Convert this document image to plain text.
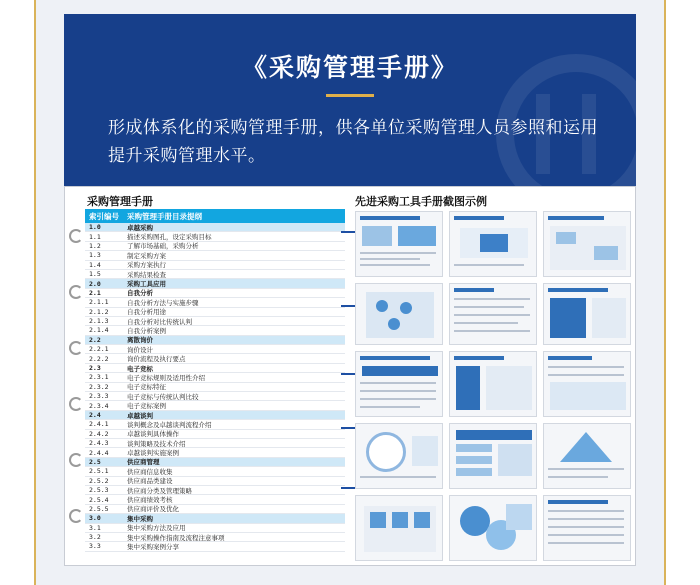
《采购管理手册》
形成体系化的采购管理手册，供各单位采购管理人员参照和运用提升采购管理水平。
采购管理手册	先进采购工具手册截图示例
索引编号	采购管理手册目录提纲
1.0	卓越采购
1.1	描述采购图孔，设定采购目标
1.2	了解市场基础，采购分析
1.3	制定采购方案
1.4	采购方案执行
1.5	采购结果检查
2.0	采购工具应用
2.1	自我分析
2.1.1	自我分析方法与实施步骤
2.1.2	自我分析用途
2.1.3	自我分析对比传统认判
2.1.4	自我分析案例
2.2	离散询价
2.2.1	询价设计
2.2.2	询价流程及执行要点
2.3	电子竞标
2.3.1	电子竞标规则及适用性介绍
2.3.2	电子竞标特征
2.3.3	电子竞标与传统认判比较
2.3.4	电子竞标案例
2.4	卓越谈判
2.4.1	谈判概念及卓越谈判流程介绍
2.4.2	卓越谈判具体操作
2.4.3	谈判策略及技术介绍
2.4.4	卓越谈判实施案例
2.5	供应商管理
2.5.1	供应商信息收集
2.5.2	供应商品类建设
2.5.3	供应商分类及管理策略
2.5.4	供应商绩效考核
2.5.5	供应商评价及优化
3.0	集中采购
3.1	集中采购方法及应用
3.2	集中采购操作指南及流程注意事项
3.3	集中采购案例分享
